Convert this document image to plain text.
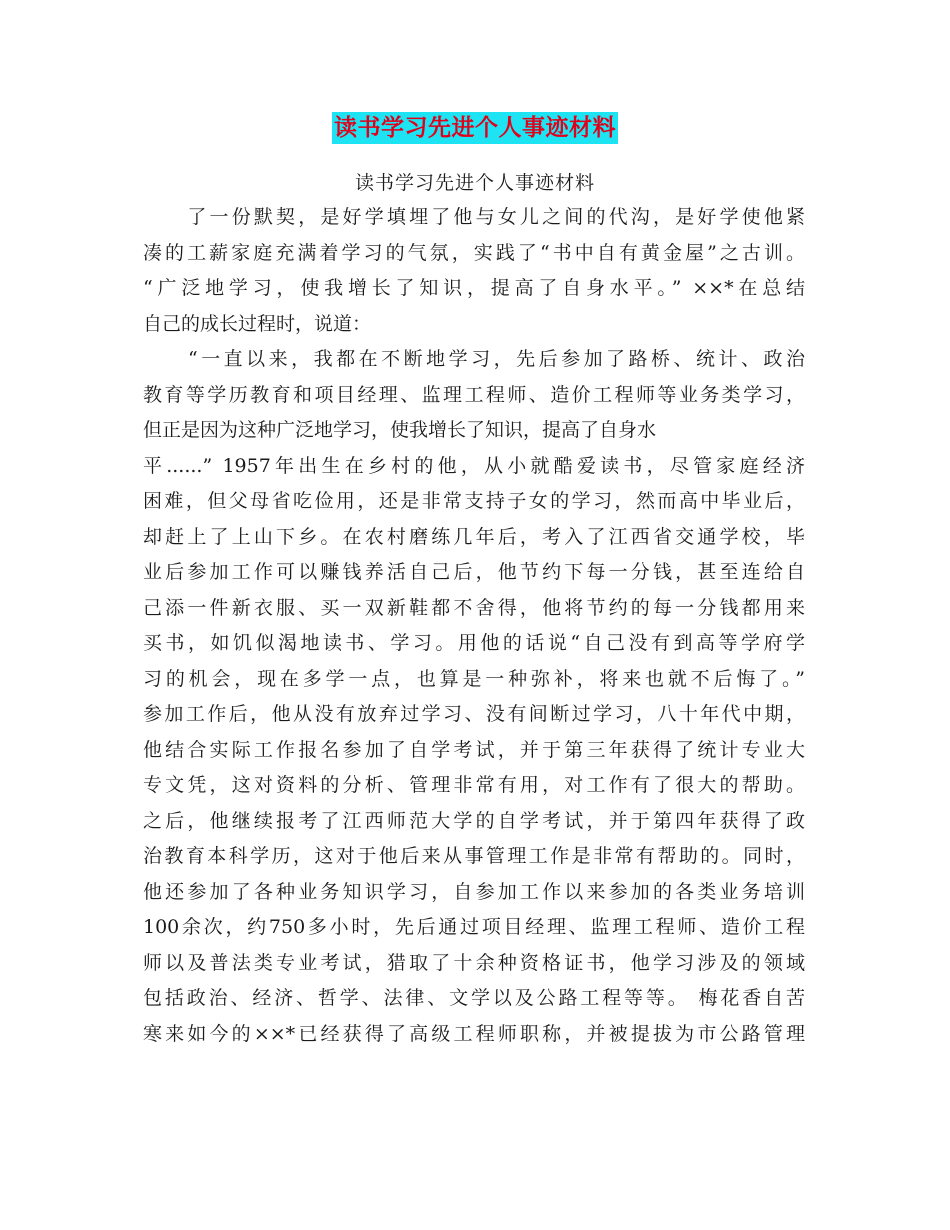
读书学习先进个人事迹材料
读书学习先进个人事迹材料
　　了一份默契，是好学填埋了他与女儿之间的代沟，是好学使他紧
凑的工薪家庭充满着学习的气氛，实践了“书中自有黄金屋”之古训。
“广泛地学习，使我增长了知识，提高了自身水平。” ××*在总结
自己的成长过程时，说道：
　　“一直以来，我都在不断地学习，先后参加了路桥、统计、政治
教育等学历教育和项目经理、监理工程师、造价工程师等业务类学习，
但正是因为这种广泛地学习，使我增长了知识，提高了自身水
平......” 1957年出生在乡村的他，从小就酷爱读书，尽管家庭经济
困难，但父母省吃俭用，还是非常支持子女的学习，然而高中毕业后，
却赶上了上山下乡。在农村磨练几年后，考入了江西省交通学校，毕
业后参加工作可以赚钱养活自己后，他节约下每一分钱，甚至连给自
己添一件新衣服、买一双新鞋都不舍得，他将节约的每一分钱都用来
买书，如饥似渴地读书、学习。用他的话说“自己没有到高等学府学
习的机会，现在多学一点，也算是一种弥补，将来也就不后悔了。”
参加工作后，他从没有放弃过学习、没有间断过学习，八十年代中期，
他结合实际工作报名参加了自学考试，并于第三年获得了统计专业大
专文凭，这对资料的分析、管理非常有用，对工作有了很大的帮助。
之后，他继续报考了江西师范大学的自学考试，并于第四年获得了政
治教育本科学历，这对于他后来从事管理工作是非常有帮助的。同时，
他还参加了各种业务知识学习，自参加工作以来参加的各类业务培训
100余次，约750多小时，先后通过项目经理、监理工程师、造价工程
师以及普法类专业考试，猎取了十余种资格证书，他学习涉及的领域
包括政治、经济、哲学、法律、文学以及公路工程等等。 梅花香自苦
寒来如今的××*已经获得了高级工程师职称，并被提拔为市公路管理
